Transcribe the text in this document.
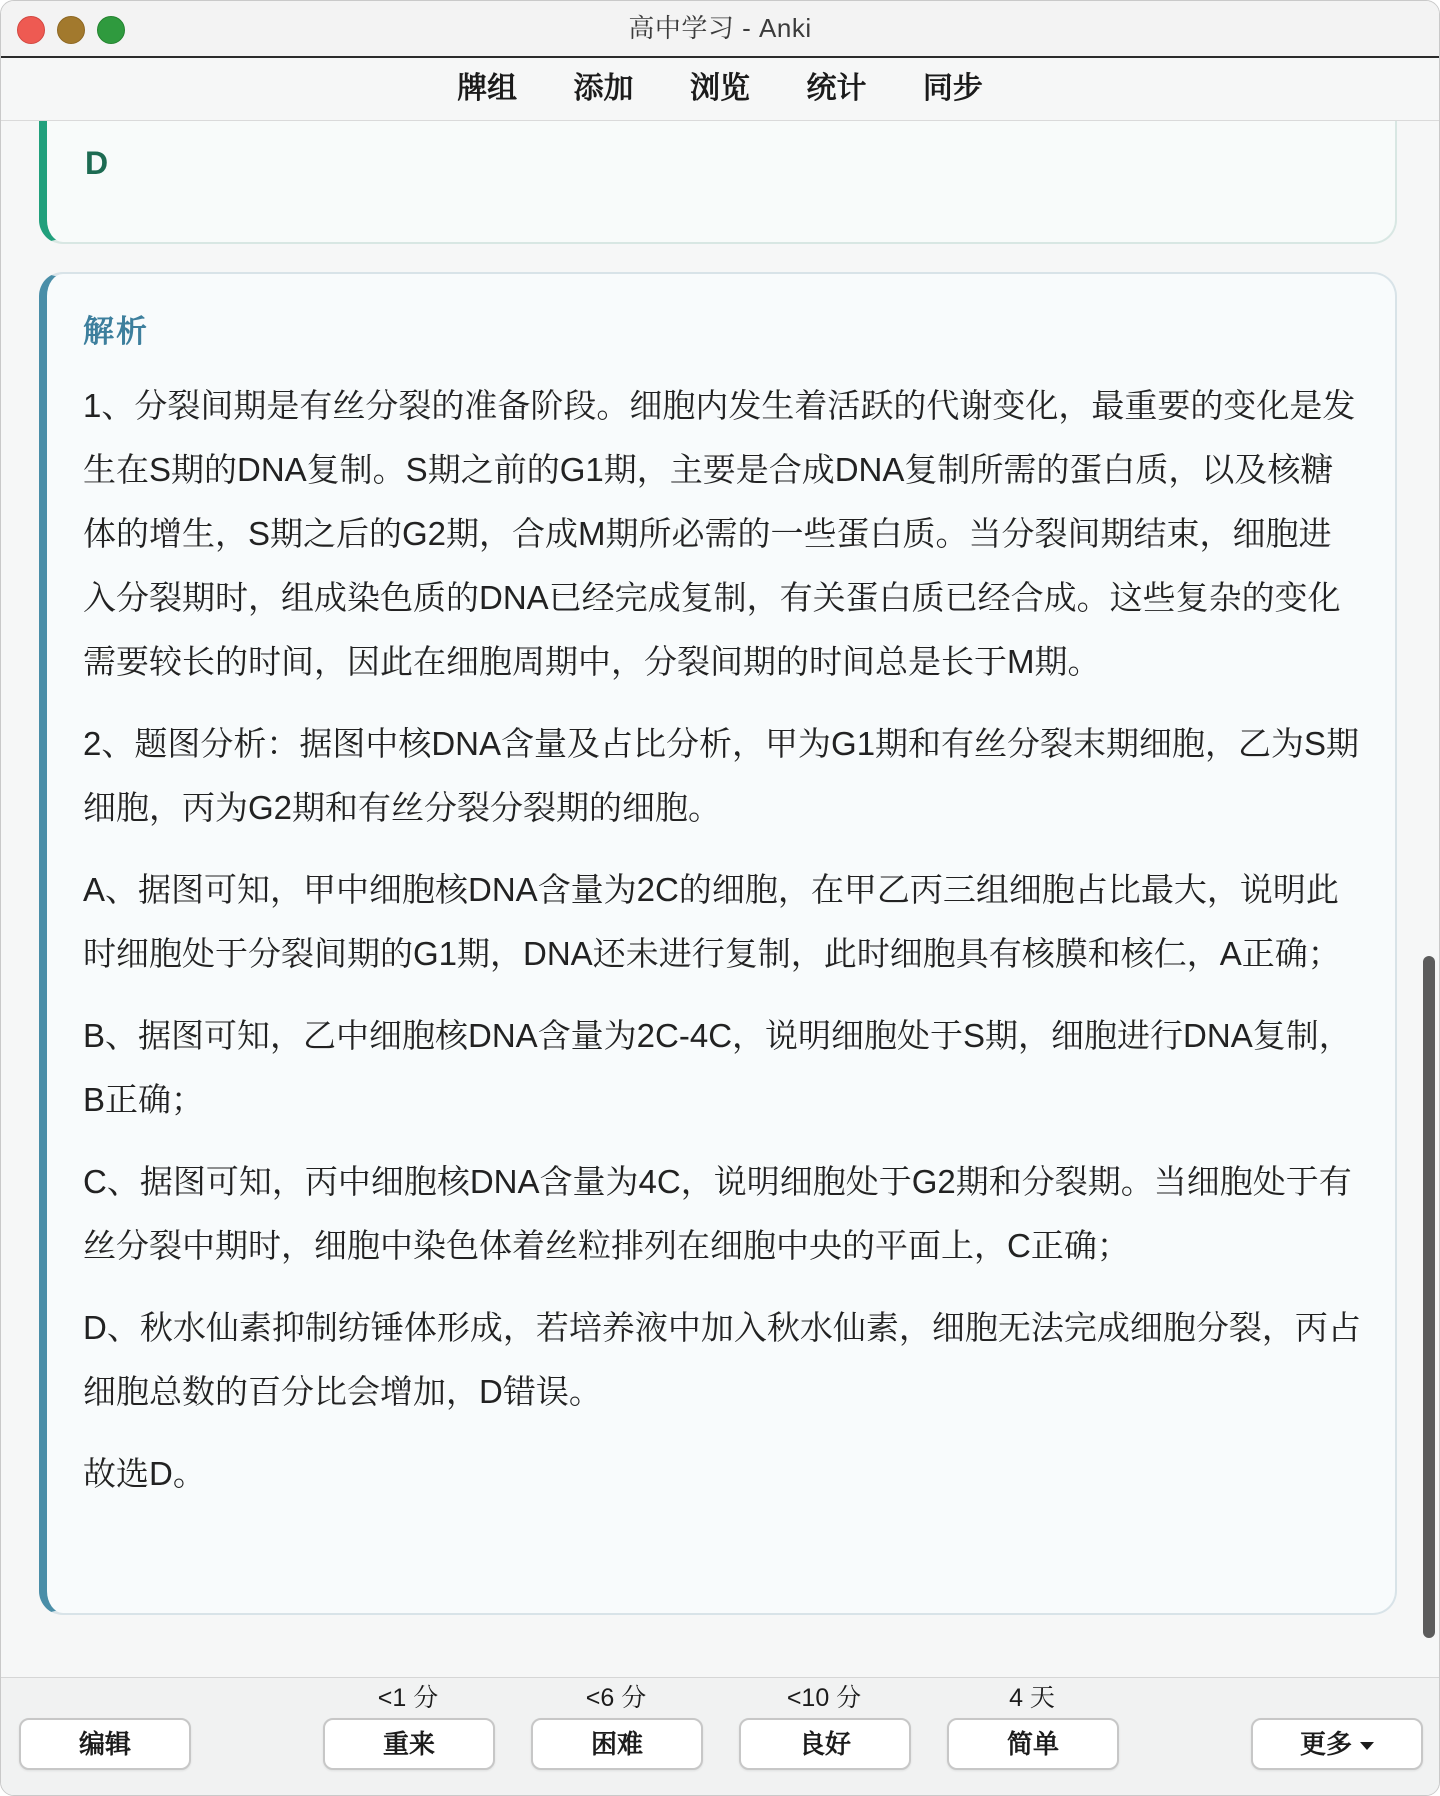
高中学习 - Anki
牌组 添加 浏览 统计 同步
D
解析

1、分裂间期是有丝分裂的准备阶段。细胞内发生着活跃的代谢变化，最重要的变化是发生在S期的DNA复制。S期之前的G1期，主要是合成DNA复制所需的蛋白质，以及核糖体的增生，S期之后的G2期，合成M期所必需的一些蛋白质。当分裂间期结束，细胞进入分裂期时，组成染色质的DNA已经完成复制，有关蛋白质已经合成。这些复杂的变化需要较长的时间，因此在细胞周期中，分裂间期的时间总是长于M期。

2、题图分析：据图中核DNA含量及占比分析，甲为G1期和有丝分裂末期细胞，乙为S期细胞，丙为G2期和有丝分裂分裂期的细胞。

A、据图可知，甲中细胞核DNA含量为2C的细胞，在甲乙丙三组细胞占比最大，说明此时细胞处于分裂间期的G1期，DNA还未进行复制，此时细胞具有核膜和核仁，A正确；

B、据图可知，乙中细胞核DNA含量为2C-4C，说明细胞处于S期，细胞进行DNA复制，B正确；

C、据图可知，丙中细胞核DNA含量为4C，说明细胞处于G2期和分裂期。当细胞处于有丝分裂中期时，细胞中染色体着丝粒排列在细胞中央的平面上，C正确；

D、秋水仙素抑制纺锤体形成，若培养液中加入秋水仙素，细胞无法完成细胞分裂，丙占细胞总数的百分比会增加，D错误。

故选D。

编辑
<1 分
重来
<6 分
困难
<10 分
良好
4 天
简单	更多
